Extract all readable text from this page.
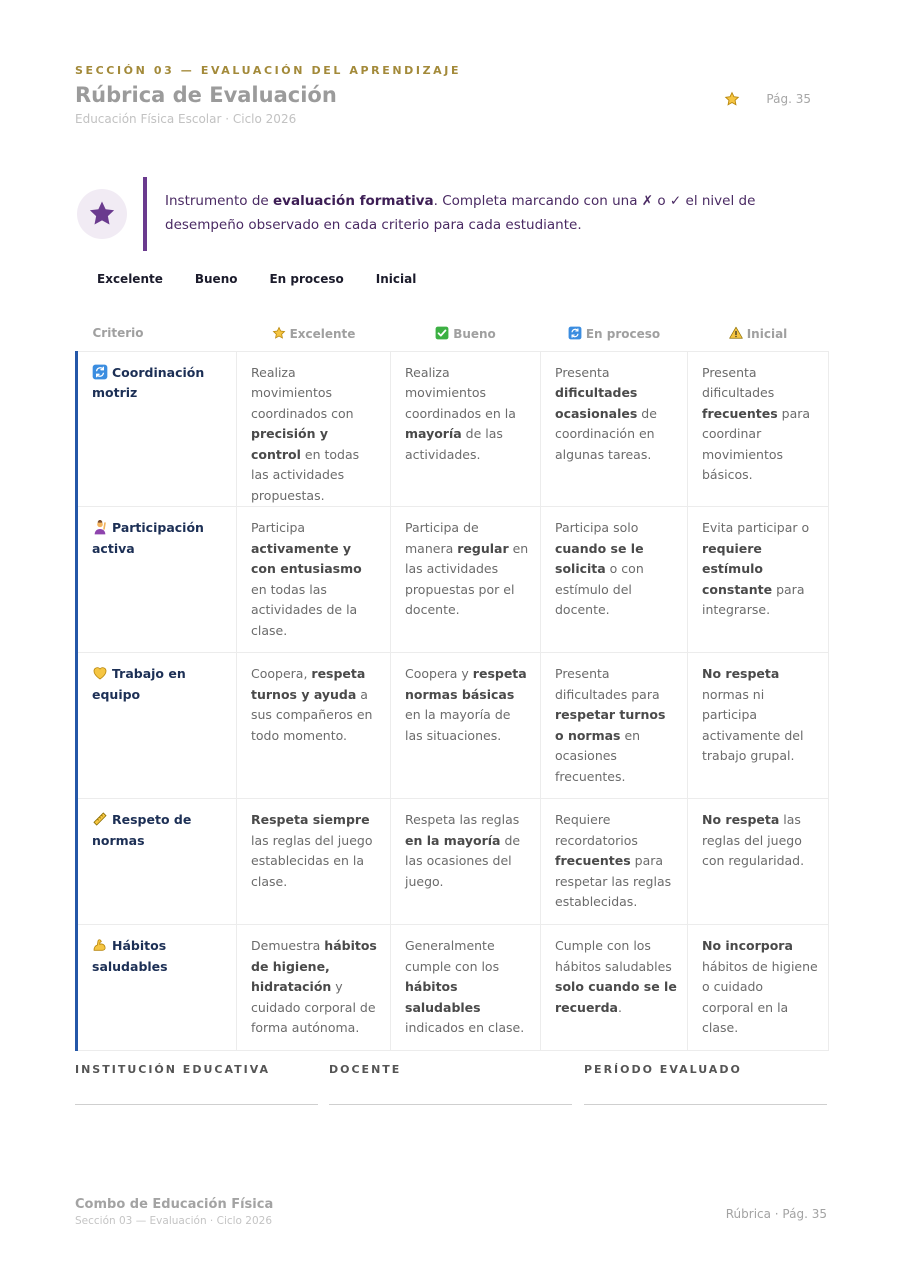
SECCIÓN 03 — EVALUACIÓN DEL APRENDIZAJE
Rúbrica de Evaluación
Educación Física Escolar · Ciclo 2026
Pág. 35
Instrumento de evaluación formativa. Completa marcando con una ✗ o ✓ el nivel de desempeño observado en cada criterio para cada estudiante.
Excelente	Bueno	En proceso	Inicial
Criterio	Excelente	Bueno	En proceso	Inicial
Coordinación motriz	Realiza movimientos coordinados con precisión y control en todas las actividades propuestas.	Realiza movimientos coordinados en la mayoría de las actividades.	Presenta dificultades ocasionales de coordinación en algunas tareas.	Presenta dificultades frecuentes para coordinar movimientos básicos.
Participación activa	Participa activamente y con entusiasmo en todas las actividades de la clase.	Participa de manera regular en las actividades propuestas por el docente.	Participa solo cuando se le solicita o con estímulo del docente.	Evita participar o requiere estímulo constante para integrarse.
Trabajo en equipo	Coopera, respeta turnos y ayuda a sus compañeros en todo momento.	Coopera y respeta normas básicas en la mayoría de las situaciones.	Presenta dificultades para respetar turnos o normas en ocasiones frecuentes.	No respeta normas ni participa activamente del trabajo grupal.
Respeto de normas	Respeta siempre las reglas del juego establecidas en la clase.	Respeta las reglas en la mayoría de las ocasiones del juego.	Requiere recordatorios frecuentes para respetar las reglas establecidas.	No respeta las reglas del juego con regularidad.
Hábitos saludables	Demuestra hábitos de higiene, hidratación y cuidado corporal de forma autónoma.	Generalmente cumple con los hábitos saludables indicados en clase.	Cumple con los hábitos saludables solo cuando se le recuerda.	No incorpora hábitos de higiene o cuidado corporal en la clase.
INSTITUCIÓN EDUCATIVA	DOCENTE	PERÍODO EVALUADO
Combo de Educación Física
Sección 03 — Evaluación · Ciclo 2026	Rúbrica · Pág. 35
